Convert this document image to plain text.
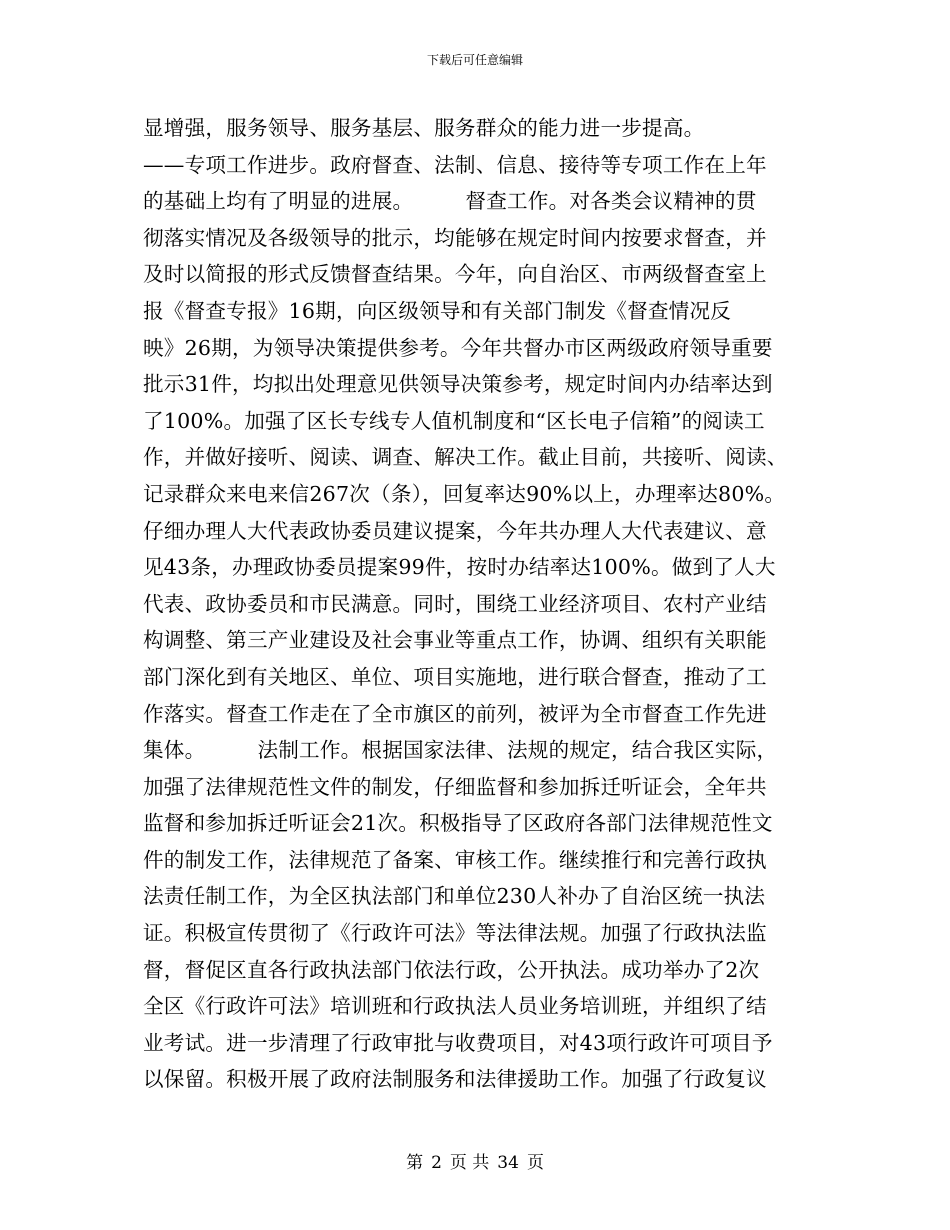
下载后可任意编辑
显增强，服务领导、服务基层、服务群众的能力进一步提高。
——专项工作进步。政府督查、法制、信息、接待等专项工作在上年
的基础上均有了明显的进展。　　　督查工作。对各类会议精神的贯
彻落实情况及各级领导的批示，均能够在规定时间内按要求督查，并
及时以简报的形式反馈督查结果。今年，向自治区、市两级督查室上
报《督查专报》16期，向区级领导和有关部门制发《督查情况反
映》26期，为领导决策提供参考。今年共督办市区两级政府领导重要
批示31件，均拟出处理意见供领导决策参考，规定时间内办结率达到
了100%。加强了区长专线专人值机制度和“区长电子信箱”的阅读工
作，并做好接听、阅读、调查、解决工作。截止目前，共接听、阅读、
记录群众来电来信267次（条），回复率达90%以上，办理率达80%。
仔细办理人大代表政协委员建议提案，今年共办理人大代表建议、意
见43条，办理政协委员提案99件，按时办结率达100%。做到了人大
代表、政协委员和市民满意。同时，围绕工业经济项目、农村产业结
构调整、第三产业建设及社会事业等重点工作，协调、组织有关职能
部门深化到有关地区、单位、项目实施地，进行联合督查，推动了工
作落实。督查工作走在了全市旗区的前列，被评为全市督查工作先进
集体。　　　法制工作。根据国家法律、法规的规定，结合我区实际，
加强了法律规范性文件的制发，仔细监督和参加拆迁听证会，全年共
监督和参加拆迁听证会21次。积极指导了区政府各部门法律规范性文
件的制发工作，法律规范了备案、审核工作。继续推行和完善行政执
法责任制工作，为全区执法部门和单位230人补办了自治区统一执法
证。积极宣传贯彻了《行政许可法》等法律法规。加强了行政执法监
督，督促区直各行政执法部门依法行政，公开执法。成功举办了2次
全区《行政许可法》培训班和行政执法人员业务培训班，并组织了结
业考试。进一步清理了行政审批与收费项目，对43项行政许可项目予
以保留。积极开展了政府法制服务和法律援助工作。加强了行政复议
第 2 页 共 34 页
